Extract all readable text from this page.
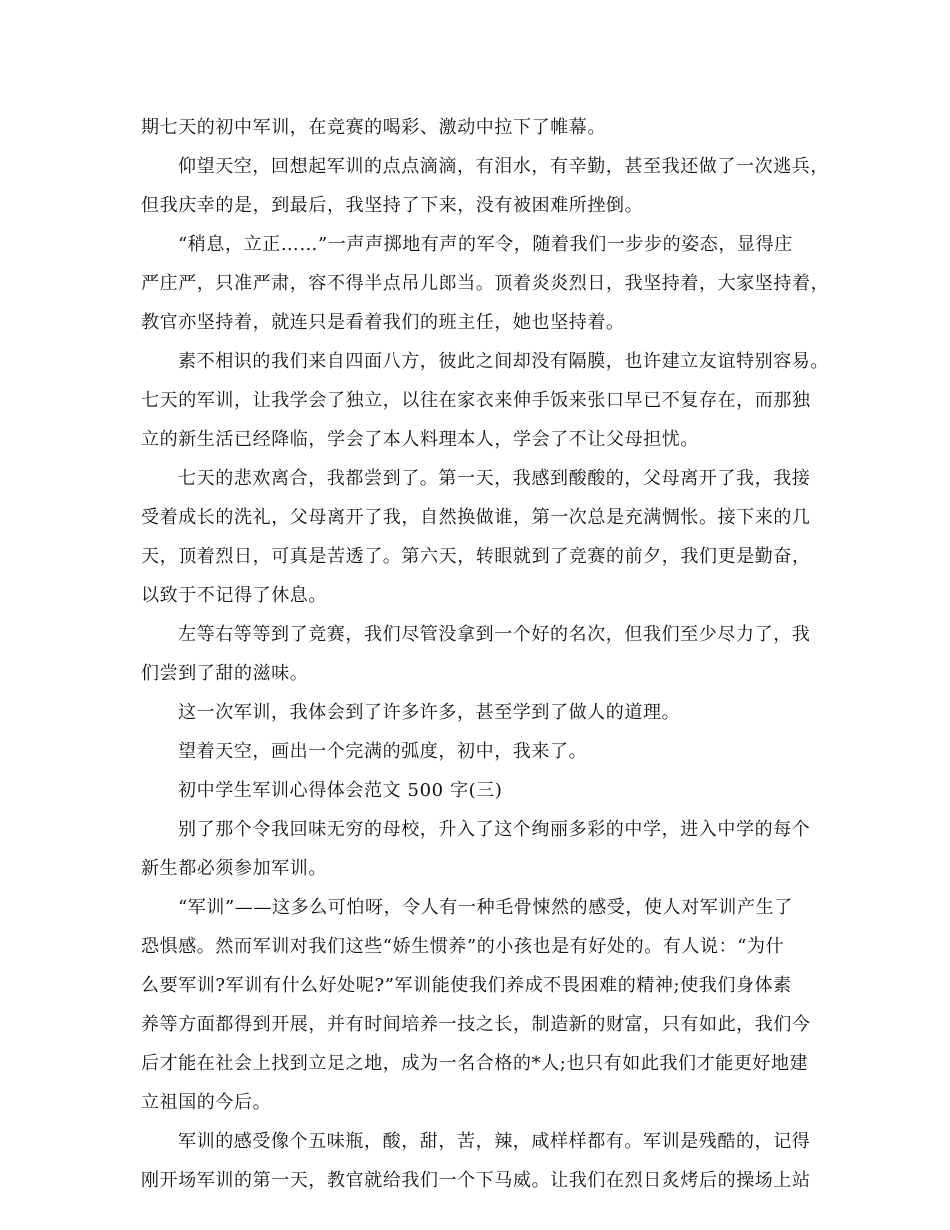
期七天的初中军训，在竞赛的喝彩、激动中拉下了帷幕。
仰望天空，回想起军训的点点滴滴，有泪水，有辛勤，甚至我还做了一次逃兵，
但我庆幸的是，到最后，我坚持了下来，没有被困难所挫倒。
“稍息，立正……”一声声掷地有声的军令，随着我们一步步的姿态，显得庄
严庄严，只准严肃，容不得半点吊儿郎当。顶着炎炎烈日，我坚持着，大家坚持着，
教官亦坚持着，就连只是看着我们的班主任，她也坚持着。
素不相识的我们来自四面八方，彼此之间却没有隔膜，也许建立友谊特别容易。
七天的军训，让我学会了独立，以往在家衣来伸手饭来张口早已不复存在，而那独
立的新生活已经降临，学会了本人料理本人，学会了不让父母担忧。
七天的悲欢离合，我都尝到了。第一天，我感到酸酸的，父母离开了我，我接
受着成长的洗礼，父母离开了我，自然换做谁，第一次总是充满惆怅。接下来的几
天，顶着烈日，可真是苦透了。第六天，转眼就到了竞赛的前夕，我们更是勤奋，
以致于不记得了休息。
左等右等等到了竞赛，我们尽管没拿到一个好的名次，但我们至少尽力了，我
们尝到了甜的滋味。
这一次军训，我体会到了许多许多，甚至学到了做人的道理。
望着天空，画出一个完满的弧度，初中，我来了。
初中学生军训心得体会范文 500 字(三)
别了那个令我回味无穷的母校，升入了这个绚丽多彩的中学，进入中学的每个
新生都必须参加军训。
“军训”——这多么可怕呀，令人有一种毛骨悚然的感受，使人对军训产生了
恐惧感。然而军训对我们这些“娇生惯养”的小孩也是有好处的。有人说：“为什
么要军训?军训有什么好处呢?”军训能使我们养成不畏困难的精神;使我们身体素
养等方面都得到开展，并有时间培养一技之长，制造新的财富，只有如此，我们今
后才能在社会上找到立足之地，成为一名合格的*人;也只有如此我们才能更好地建
立祖国的今后。
军训的感受像个五味瓶，酸，甜，苦，辣，咸样样都有。军训是残酷的，记得
刚开场军训的第一天，教官就给我们一个下马威。让我们在烈日炙烤后的操场上站
